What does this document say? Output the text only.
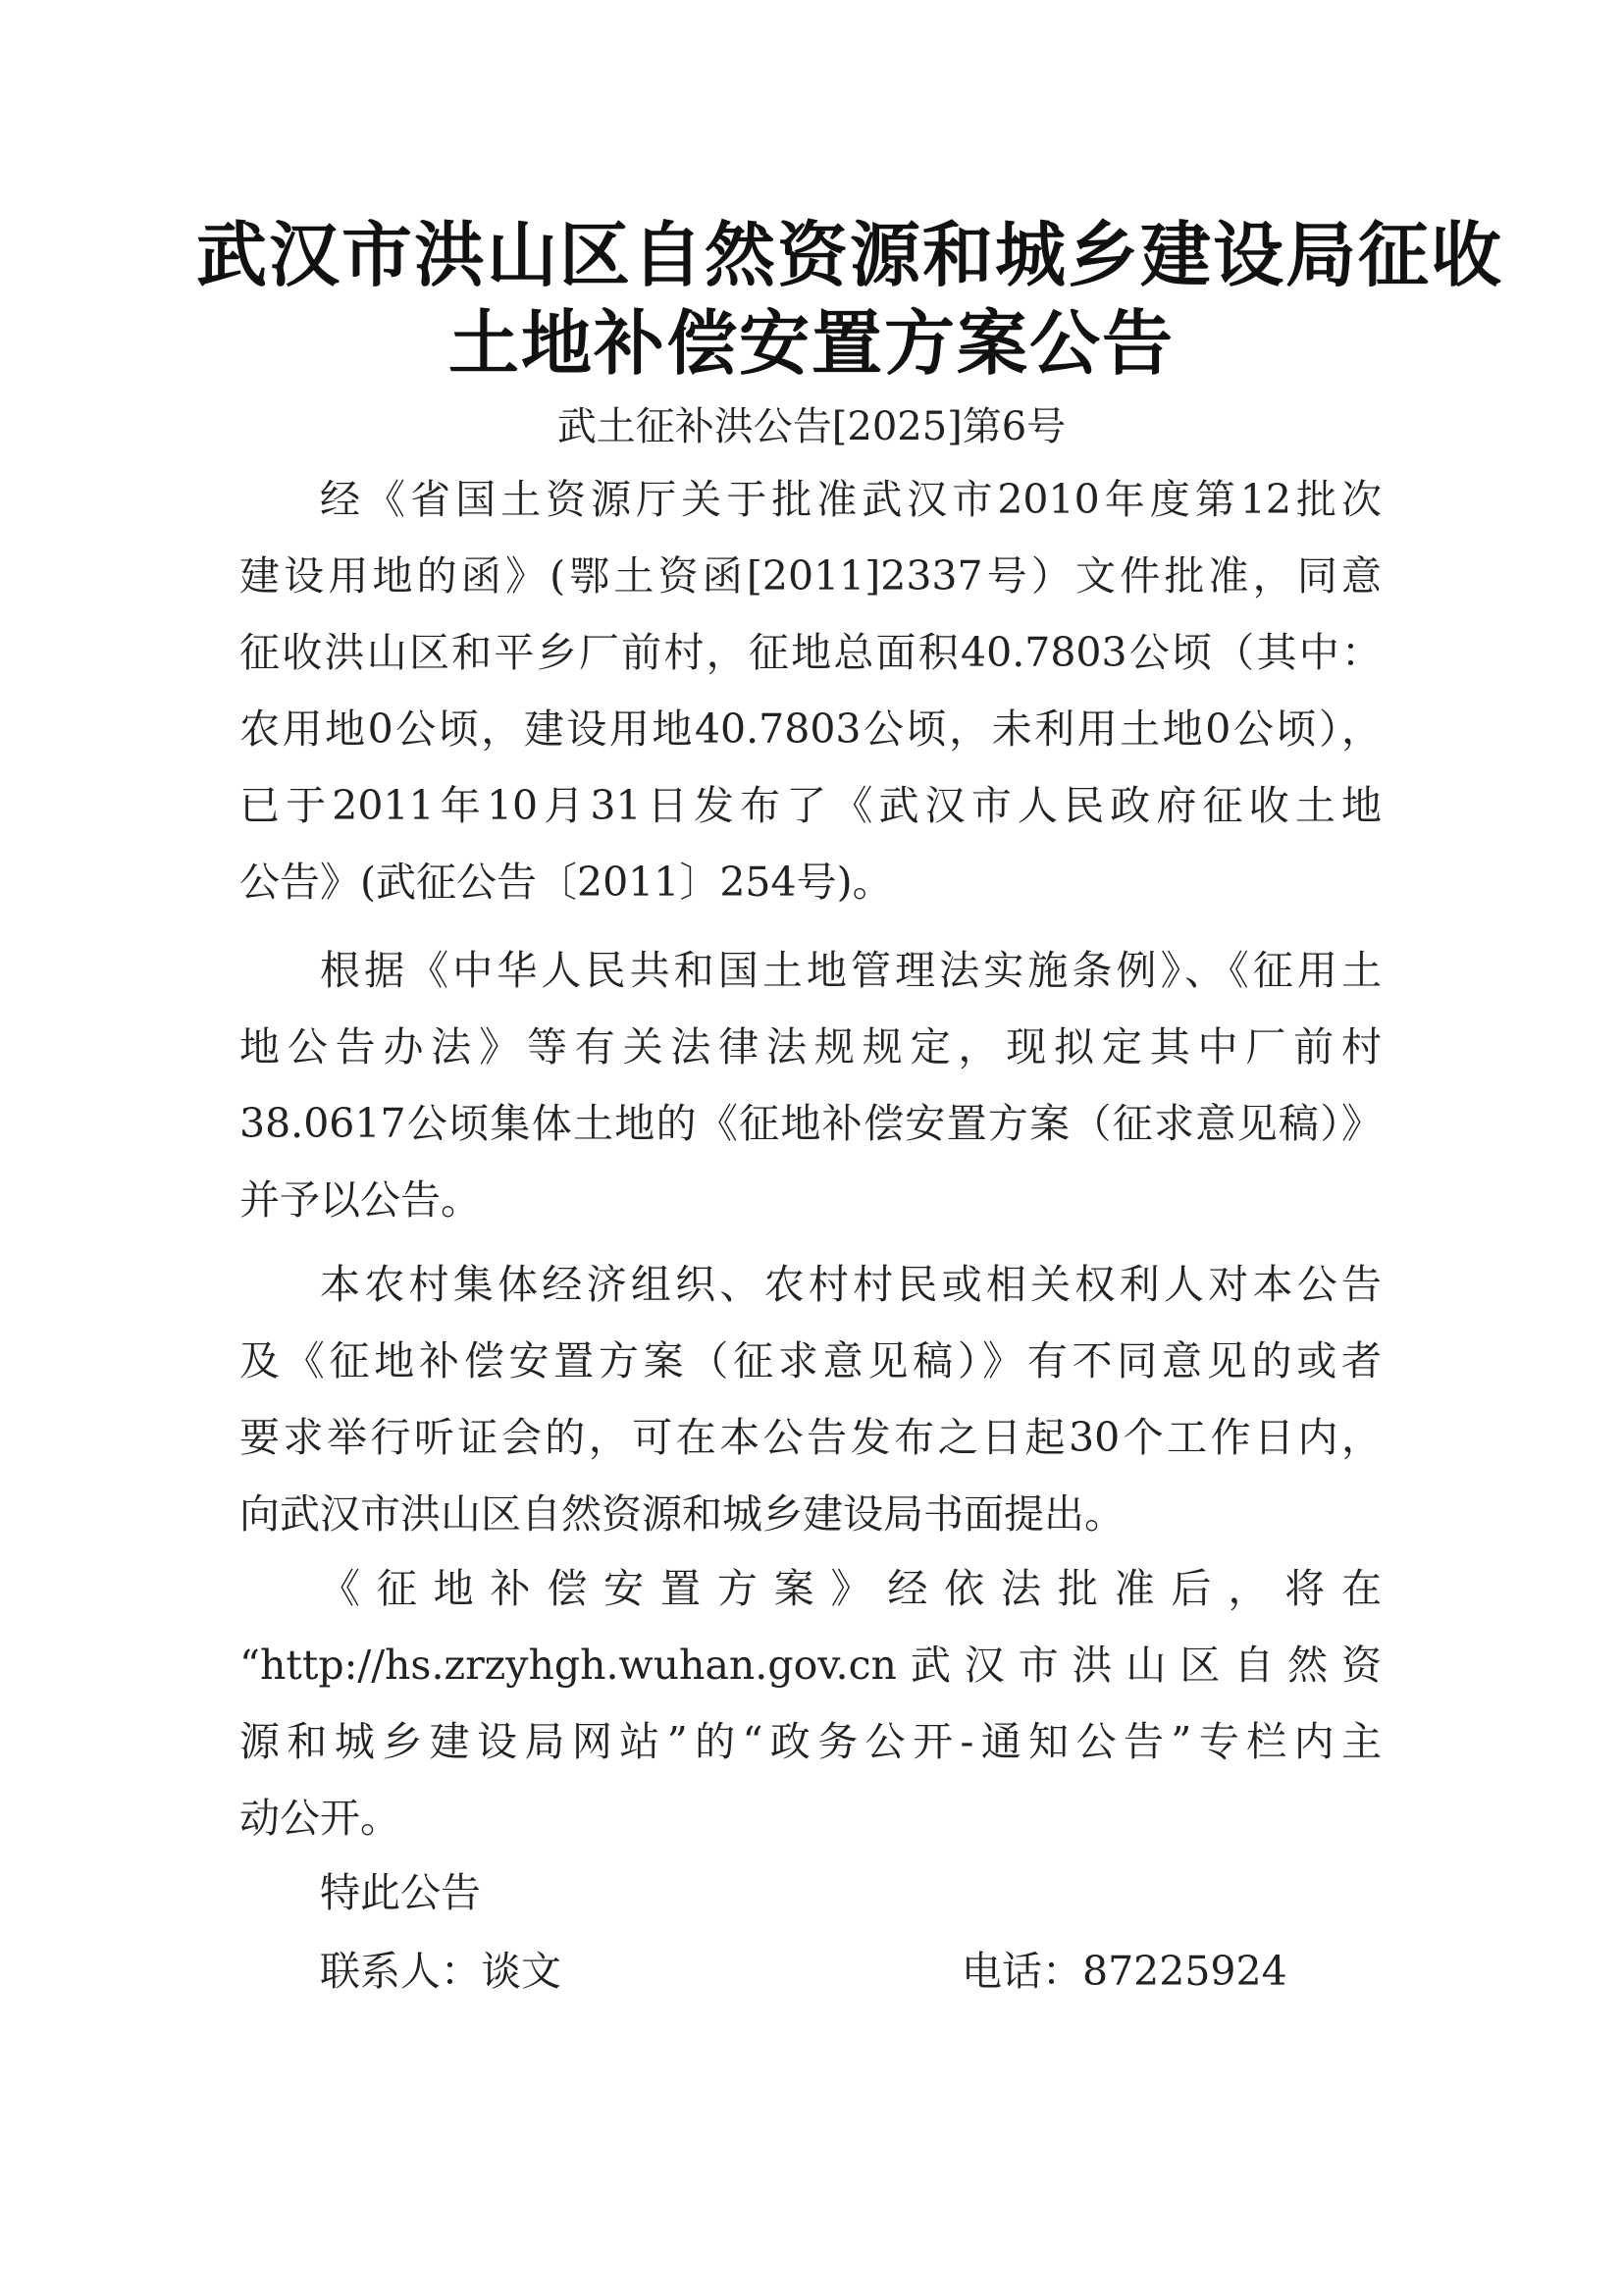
武汉市洪山区自然资源和城乡建设局征收
土地补偿安置方案公告
武土征补洪公告[2025]第6号
经《省国土资源厅关于批准武汉市2010年度第12批次
建设用地的函》(鄂土资函[2011]2337号）文件批准，同意
征收洪山区和平乡厂前村，征地总面积40.7803公顷（其中：
农用地0公顷，建设用地40.7803公顷，未利用土地0公顷），
已于2011年10月31日发布了《武汉市人民政府征收土地
公告》(武征公告〔2011〕254号)。
根据《中华人民共和国土地管理法实施条例》、《征用土
地公告办法》等有关法律法规规定，现拟定其中厂前村
38.0617公顷集体土地的《征地补偿安置方案（征求意见稿）》
并予以公告。
本农村集体经济组织、农村村民或相关权利人对本公告
及《征地补偿安置方案（征求意见稿）》有不同意见的或者
要求举行听证会的，可在本公告发布之日起30个工作日内，
向武汉市洪山区自然资源和城乡建设局书面提出。
《征地补偿安置方案》经依法批准后，将在
“http://hs.zrzyhgh.wuhan.gov.cn武汉市洪山区自然资
源和城乡建设局网站”的“政务公开-通知公告”专栏内主
动公开。
特此公告
联系人：谈文	电话：87225924
